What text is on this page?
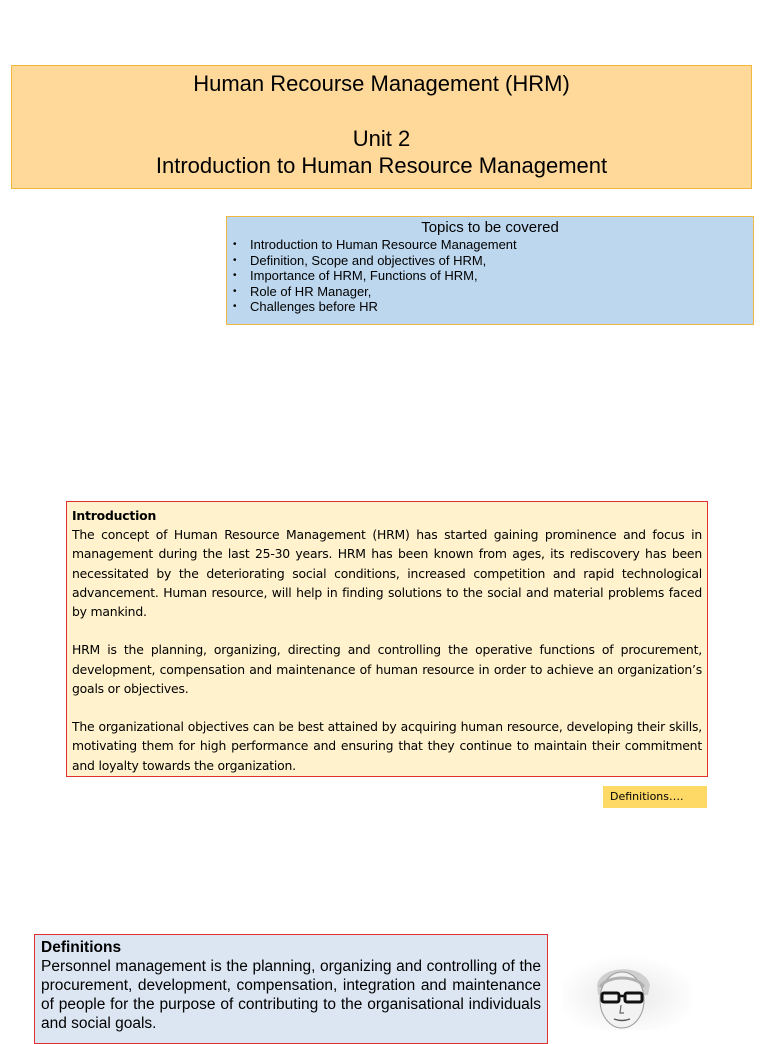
Human Recourse Management (HRM)
Unit 2
Introduction to Human Resource Management
Topics to be covered
• Introduction to Human Resource Management
• Definition, Scope and objectives of HRM,
• Importance of HRM, Functions of HRM,
• Role of HR Manager,
• Challenges before HR
Introduction

The concept of Human Resource Management (HRM) has started gaining prominence and focus in management during the last 25-30 years. HRM has been known from ages, its rediscovery has been necessitated by the deteriorating social conditions, increased competition and rapid technological advancement. Human resource, will help in finding solutions to the social and material problems faced by mankind.

HRM is the planning, organizing, directing and controlling the operative functions of procurement, development, compensation and maintenance of human resource in order to achieve an organization’s goals or objectives.

The organizational objectives can be best attained by acquiring human resource, developing their skills, motivating them for high performance and ensuring that they continue to maintain their commitment and loyalty towards the organization.

Definitions….
Definitions
Personnel management is the planning, organizing and controlling of the procurement, development, compensation, integration and maintenance of people for the purpose of contributing to the organisational individuals and social goals.
